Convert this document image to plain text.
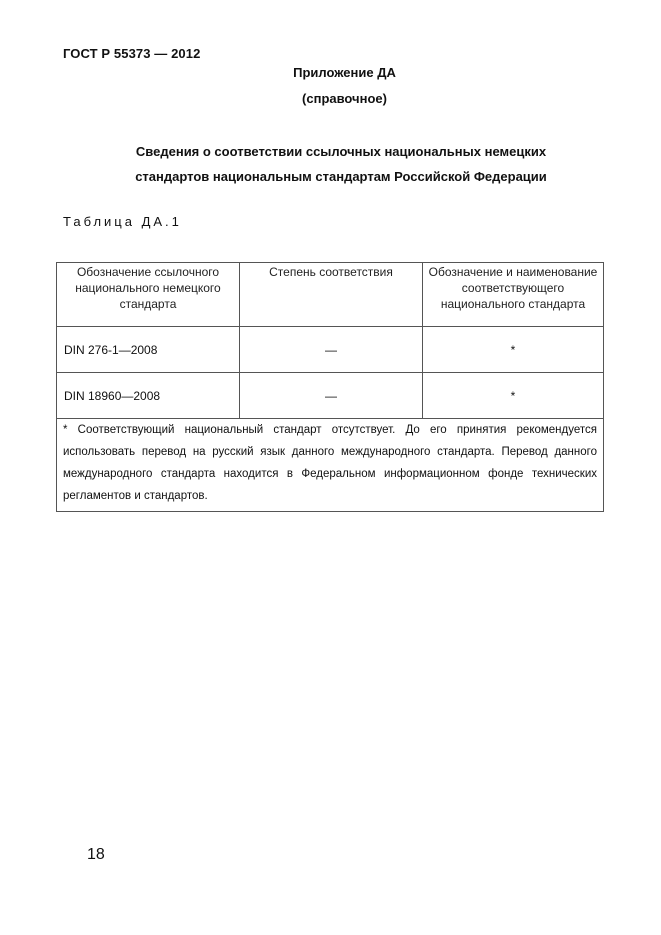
ГОСТ Р 55373 — 2012
Приложение ДА
(справочное)
Сведения о соответствии ссылочных национальных немецких
стандартов национальным стандартам Российской Федерации
Таблица ДА.1
Обозначение ссылочного национального немецкого стандарта	Степень соответствия	Обозначение и наименование соответствующего национального стандарта
DIN 276-1—2008	—	*
DIN 18960—2008	—	*
* Соответствующий национальный стандарт отсутствует. До его принятия рекомендуется использовать перевод на русский язык данного международного стандарта. Перевод данного международного стандарта находится в Федеральном информационном фонде технических регламентов и стандартов.		
18
